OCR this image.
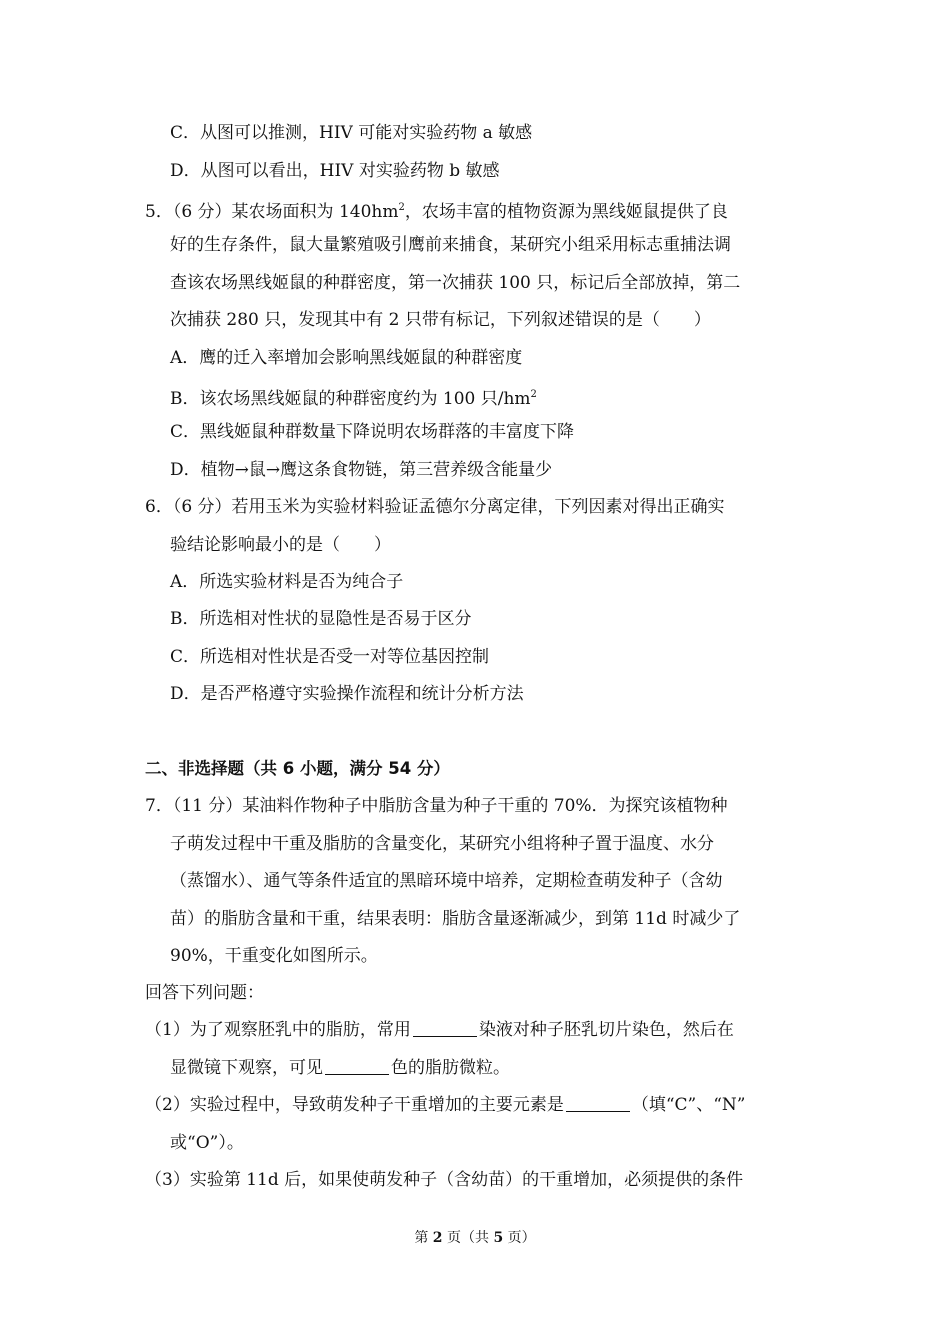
C．从图可以推测，HIV 可能对实验药物 a 敏感
D．从图可以看出，HIV 对实验药物 b 敏感
5．（6 分）某农场面积为 $140hm^2$，农场丰富的植物资源为黑线姬鼠提供了良
好的生存条件，鼠大量繁殖吸引鹰前来捕食，某研究小组采用标志重捕法调
查该农场黑线姬鼠的种群密度，第一次捕获 100 只，标记后全部放掉，第二
次捕获 280 只，发现其中有 2 只带有标记，下列叙述错误的是（　　）
A．鹰的迁入率增加会影响黑线姬鼠的种群密度
B．该农场黑线姬鼠的种群密度约为 100 只$/hm^2$
C．黑线姬鼠种群数量下降说明农场群落的丰富度下降
D．植物→鼠→鹰这条食物链，第三营养级含能量少
6．（6 分）若用玉米为实验材料验证孟德尔分离定律，下列因素对得出正确实
验结论影响最小的是（　　）
A．所选实验材料是否为纯合子
B．所选相对性状的显隐性是否易于区分
C．所选相对性状是否受一对等位基因控制
D．是否严格遵守实验操作流程和统计分析方法
二、非选择题（共 6 小题，满分 54 分）
7．（11 分）某油料作物种子中脂肪含量为种子干重的 70%．为探究该植物种
子萌发过程中干重及脂肪的含量变化，某研究小组将种子置于温度、水分
（蒸馏水）、通气等条件适宜的黑暗环境中培养，定期检查萌发种子（含幼
苗）的脂肪含量和干重，结果表明：脂肪含量逐渐减少，到第 11d 时减少了
90%，干重变化如图所示。
回答下列问题：
（1）为了观察胚乳中的脂肪，常用	染液对种子胚乳切片染色，然后在
显微镜下观察，可见	色的脂肪微粒。
（2）实验过程中，导致萌发种子干重增加的主要元素是	（填“C”、“N”
或“O”）。
（3）实验第 11d 后，如果使萌发种子（含幼苗）的干重增加，必须提供的条件
第 2 页（共 5 页）
